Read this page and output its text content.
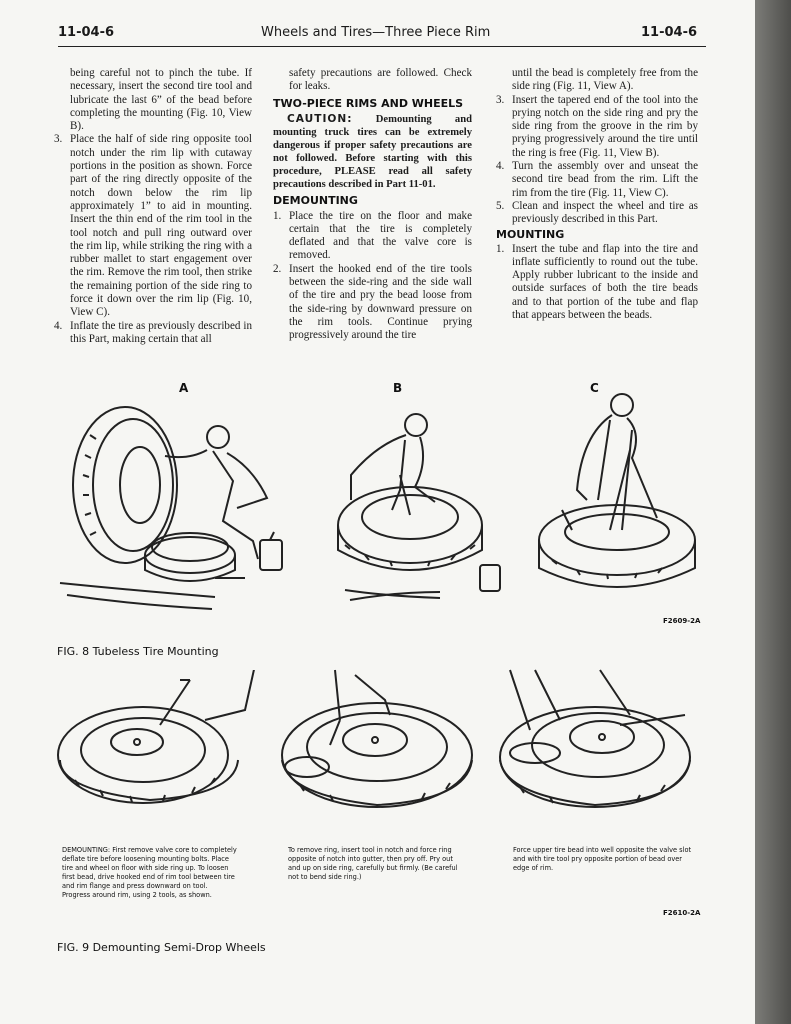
11-04-6	Wheels and Tires—Three Piece Rim	11-04-6

being careful not to pinch the tube. If necessary, insert the second tire tool and lubricate the last 6” of the bead before completing the mounting (Fig. 10, View B).

3. Place the half of side ring opposite tool notch under the rim lip with cutaway portions in the position as shown. Force part of the ring directly opposite of the notch down below the rim lip approximately 1” to aid in mounting. Insert the thin end of the rim tool in the tool notch and pull ring outward over the rim lip, while striking the ring with a rubber mallet to start engagement over the rim. Remove the rim tool, then strike the remaining portion of the side ring to force it down over the rim lip (Fig. 10, View C).
4. Inflate the tire as previously described in this Part, making certain that all

safety precautions are followed. Check for leaks.

TWO-PIECE RIMS AND WHEELS

CAUTION: Demounting and mounting truck tires can be extremely dangerous if proper safety precautions are not followed. Before starting with this procedure, PLEASE read all safety precautions described in Part 11-01.

DEMOUNTING
1. Place the tire on the floor and make certain that the tire is completely deflated and that the valve core is removed.
2. Insert the hooked end of the tire tools between the side-ring and the side wall of the tire and pry the bead loose from the side-ring by downward pressure on the rim tools. Continue prying progressively around the tire

until the bead is completely free from the side ring (Fig. 11, View A).

3. Insert the tapered end of the tool into the prying notch on the side ring and pry the side ring from the groove in the rim by prying progressively around the tire until the ring is free (Fig. 11, View B).
4. Turn the assembly over and unseat the second tire bead from the rim. Lift the rim from the tire (Fig. 11, View C).
5. Clean and inspect the wheel and tire as previously described in this Part.
MOUNTING
1. Insert the tube and flap into the tire and inflate sufficiently to round out the tube. Apply rubber lubricant to the inside and outside surfaces of both the tire beads and to that portion of the tube and flap that appears between the beads.
A	B	C
F2609-2A
FIG. 8 Tubeless Tire Mounting
DEMOUNTING: First remove valve core to completely deflate tire before loosening mounting bolts. Place tire and wheel on floor with side ring up. To loosen first bead, drive hooked end of rim tool between tire and rim flange and press downward on tool. Progress around rim, using 2 tools, as shown.
To remove ring, insert tool in notch and force ring opposite of notch into gutter, then pry off. Pry out and up on side ring, carefully but firmly. (Be careful not to bend side ring.)
Force upper tire bead into well opposite the valve slot and with tire tool pry opposite portion of bead over edge of rim.
F2610-2A
FIG. 9 Demounting Semi-Drop Wheels
